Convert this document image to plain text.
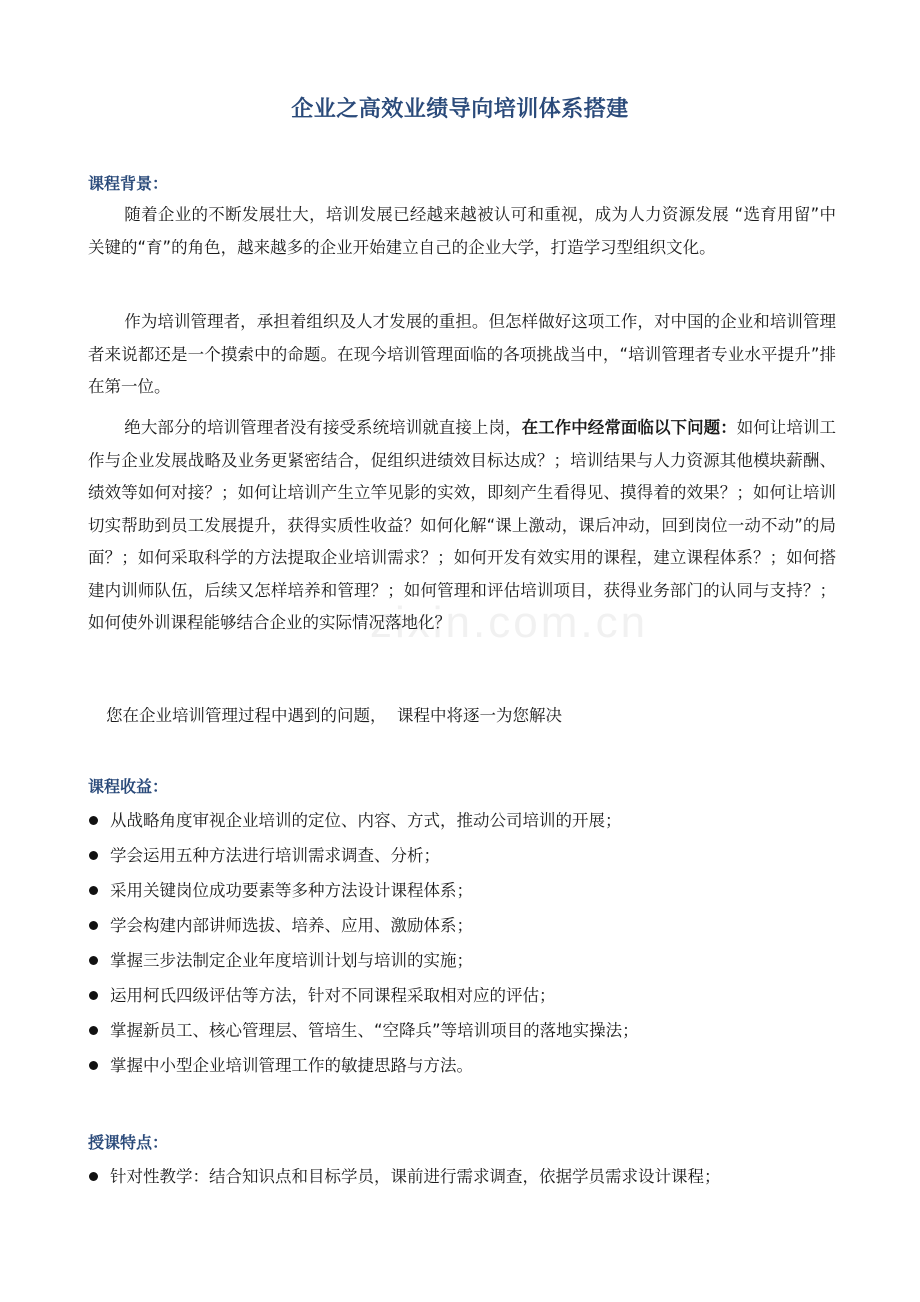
zixin.com.cn
企业之高效业绩导向培训体系搭建
课程背景：

随着企业的不断发展壮大，培训发展已经越来越被认可和重视，成为人力资源发展 “选育用留”中关键的“育”的角色，越来越多的企业开始建立自己的企业大学，打造学习型组织文化。

作为培训管理者，承担着组织及人才发展的重担。但怎样做好这项工作，对中国的企业和培训管理者来说都还是一个摸索中的命题。在现今培训管理面临的各项挑战当中，“培训管理者专业水平提升”排在第一位。

绝大部分的培训管理者没有接受系统培训就直接上岗，在工作中经常面临以下问题：如何让培训工作与企业发展战略及业务更紧密结合，促组织进绩效目标达成？；培训结果与人力资源其他模块薪酬、绩效等如何对接？；如何让培训产生立竿见影的实效，即刻产生看得见、摸得着的效果？；如何让培训切实帮助到员工发展提升，获得实质性收益？如何化解“课上激动，课后冲动，回到岗位一动不动”的局面？；如何采取科学的方法提取企业培训需求？；如何开发有效实用的课程，建立课程体系？；如何搭建内训师队伍，后续又怎样培养和管理？；如何管理和评估培训项目，获得业务部门的认同与支持？；如何使外训课程能够结合企业的实际情况落地化？

您在企业培训管理过程中遇到的问题，  课程中将逐一为您解决
课程收益：
从战略角度审视企业培训的定位、内容、方式，推动公司培训的开展；
学会运用五种方法进行培训需求调查、分析；
采用关键岗位成功要素等多种方法设计课程体系；
学会构建内部讲师选拔、培养、应用、激励体系；
掌握三步法制定企业年度培训计划与培训的实施；
运用柯氏四级评估等方法，针对不同课程采取相对应的评估；
掌握新员工、核心管理层、管培生、“空降兵”等培训项目的落地实操法；
掌握中小型企业培训管理工作的敏捷思路与方法。
授课特点：
针对性教学：结合知识点和目标学员，课前进行需求调查，依据学员需求设计课程；
